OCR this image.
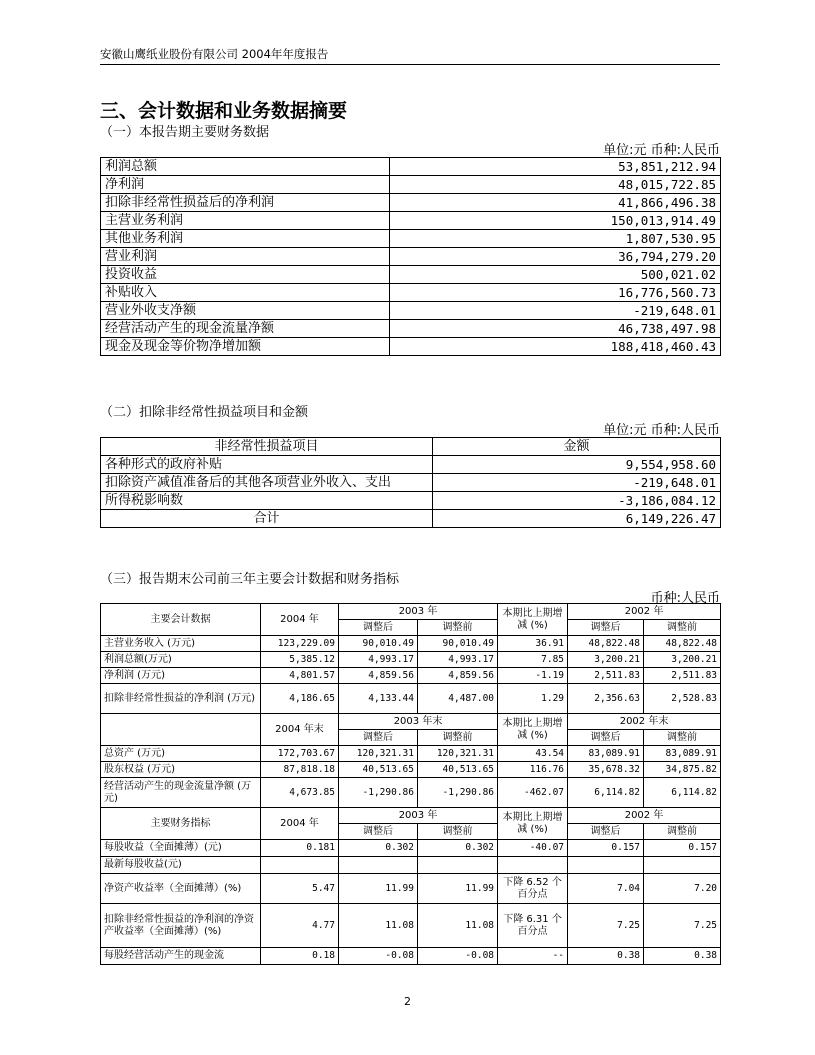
安徽山鹰纸业股份有限公司 2004年年度报告
三、会计数据和业务数据摘要
（一）本报告期主要财务数据
单位:元 币种:人民币
利润总额	53,851,212.94
净利润	48,015,722.85
扣除非经常性损益后的净利润	41,866,496.38
主营业务利润	150,013,914.49
其他业务利润	1,807,530.95
营业利润	36,794,279.20
投资收益	500,021.02
补贴收入	16,776,560.73
营业外收支净额	-219,648.01
经营活动产生的现金流量净额	46,738,497.98
现金及现金等价物净增加额	188,418,460.43
（二）扣除非经常性损益项目和金额
单位:元 币种:人民币
非经常性损益项目	金额
各种形式的政府补贴	9,554,958.60
扣除资产减值准备后的其他各项营业外收入、支出	-219,648.01
所得税影响数	-3,186,084.12
合计	6,149,226.47
（三）报告期末公司前三年主要会计数据和财务指标
币种:人民币
主要会计数据	2004 年	2003 年		本期比上期增减 (%)	2002 年	
		调整后	调整前		调整后	调整前
主营业务收入 (万元)	123,229.09	90,010.49	90,010.49	36.91	48,822.48	48,822.48
利润总额(万元)	5,385.12	4,993.17	4,993.17	7.85	3,200.21	3,200.21
净利润 (万元)	4,801.57	4,859.56	4,859.56	-1.19	2,511.83	2,511.83
扣除非经常性损益的净利润 (万元)	4,186.65	4,133.44	4,487.00	1.29	2,356.63	2,528.83
	2004 年末	2003 年末		本期比上期增减 (%)	2002 年末	
		调整后	调整前		调整后	调整前
总资产 (万元)	172,703.67	120,321.31	120,321.31	43.54	83,089.91	83,089.91
股东权益 (万元)	87,818.18	40,513.65	40,513.65	116.76	35,678.32	34,875.82
经营活动产生的现金流量净额 (万元)	4,673.85	-1,290.86	-1,290.86	-462.07	6,114.82	6,114.82
主要财务指标	2004 年	2003 年		本期比上期增减 (%)	2002 年	
		调整后	调整前		调整后	调整前
每股收益（全面摊薄）(元)	0.181	0.302	0.302	-40.07	0.157	0.157
最新每股收益(元)						
净资产收益率（全面摊薄）(%)	5.47	11.99	11.99	下降 6.52 个百分点	7.04	7.20
扣除非经常性损益的净利润的净资产收益率（全面摊薄）(%)	4.77	11.08	11.08	下降 6.31 个百分点	7.25	7.25
每股经营活动产生的现金流	0.18	-0.08	-0.08	--	0.38	0.38
2
